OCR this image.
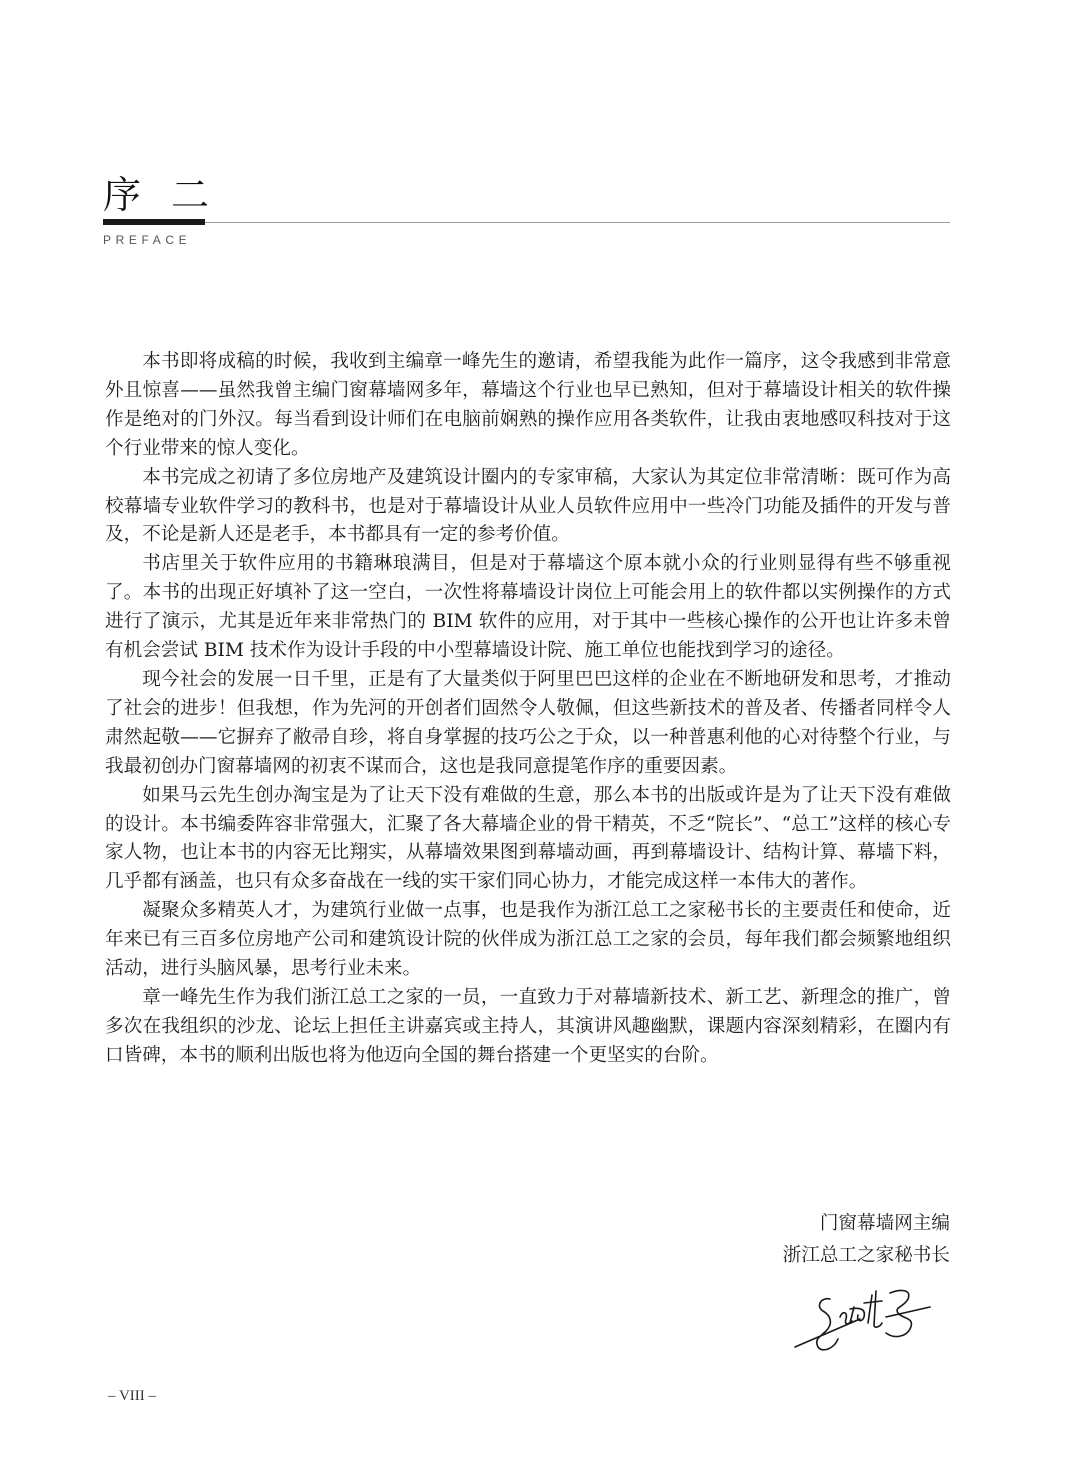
序二
PREFACE

本书即将成稿的时候，我收到主编章一峰先生的邀请，希望我能为此作一篇序，这令我感到非常意外且惊喜——虽然我曾主编门窗幕墙网多年，幕墙这个行业也早已熟知，但对于幕墙设计相关的软件操作是绝对的门外汉。每当看到设计师们在电脑前娴熟的操作应用各类软件，让我由衷地感叹科技对于这个行业带来的惊人变化。

本书完成之初请了多位房地产及建筑设计圈内的专家审稿，大家认为其定位非常清晰：既可作为高校幕墙专业软件学习的教科书，也是对于幕墙设计从业人员软件应用中一些冷门功能及插件的开发与普及，不论是新人还是老手，本书都具有一定的参考价值。

书店里关于软件应用的书籍琳琅满目，但是对于幕墙这个原本就小众的行业则显得有些不够重视了。本书的出现正好填补了这一空白，一次性将幕墙设计岗位上可能会用上的软件都以实例操作的方式进行了演示，尤其是近年来非常热门的 BIM 软件的应用，对于其中一些核心操作的公开也让许多未曾有机会尝试 BIM 技术作为设计手段的中小型幕墙设计院、施工单位也能找到学习的途径。

现今社会的发展一日千里，正是有了大量类似于阿里巴巴这样的企业在不断地研发和思考，才推动了社会的进步！但我想，作为先河的开创者们固然令人敬佩，但这些新技术的普及者、传播者同样令人肃然起敬——它摒弃了敝帚自珍，将自身掌握的技巧公之于众，以一种普惠利他的心对待整个行业，与我最初创办门窗幕墙网的初衷不谋而合，这也是我同意提笔作序的重要因素。

如果马云先生创办淘宝是为了让天下没有难做的生意，那么本书的出版或许是为了让天下没有难做的设计。本书编委阵容非常强大，汇聚了各大幕墙企业的骨干精英，不乏“院长”、“总工”这样的核心专家人物，也让本书的内容无比翔实，从幕墙效果图到幕墙动画，再到幕墙设计、结构计算、幕墙下料，几乎都有涵盖，也只有众多奋战在一线的实干家们同心协力，才能完成这样一本伟大的著作。

凝聚众多精英人才，为建筑行业做一点事，也是我作为浙江总工之家秘书长的主要责任和使命，近年来已有三百多位房地产公司和建筑设计院的伙伴成为浙江总工之家的会员，每年我们都会频繁地组织活动，进行头脑风暴，思考行业未来。

章一峰先生作为我们浙江总工之家的一员，一直致力于对幕墙新技术、新工艺、新理念的推广，曾多次在我组织的沙龙、论坛上担任主讲嘉宾或主持人，其演讲风趣幽默，课题内容深刻精彩，在圈内有口皆碑，本书的顺利出版也将为他迈向全国的舞台搭建一个更坚实的台阶。

门窗幕墙网主编
浙江总工之家秘书长
– VIII –
